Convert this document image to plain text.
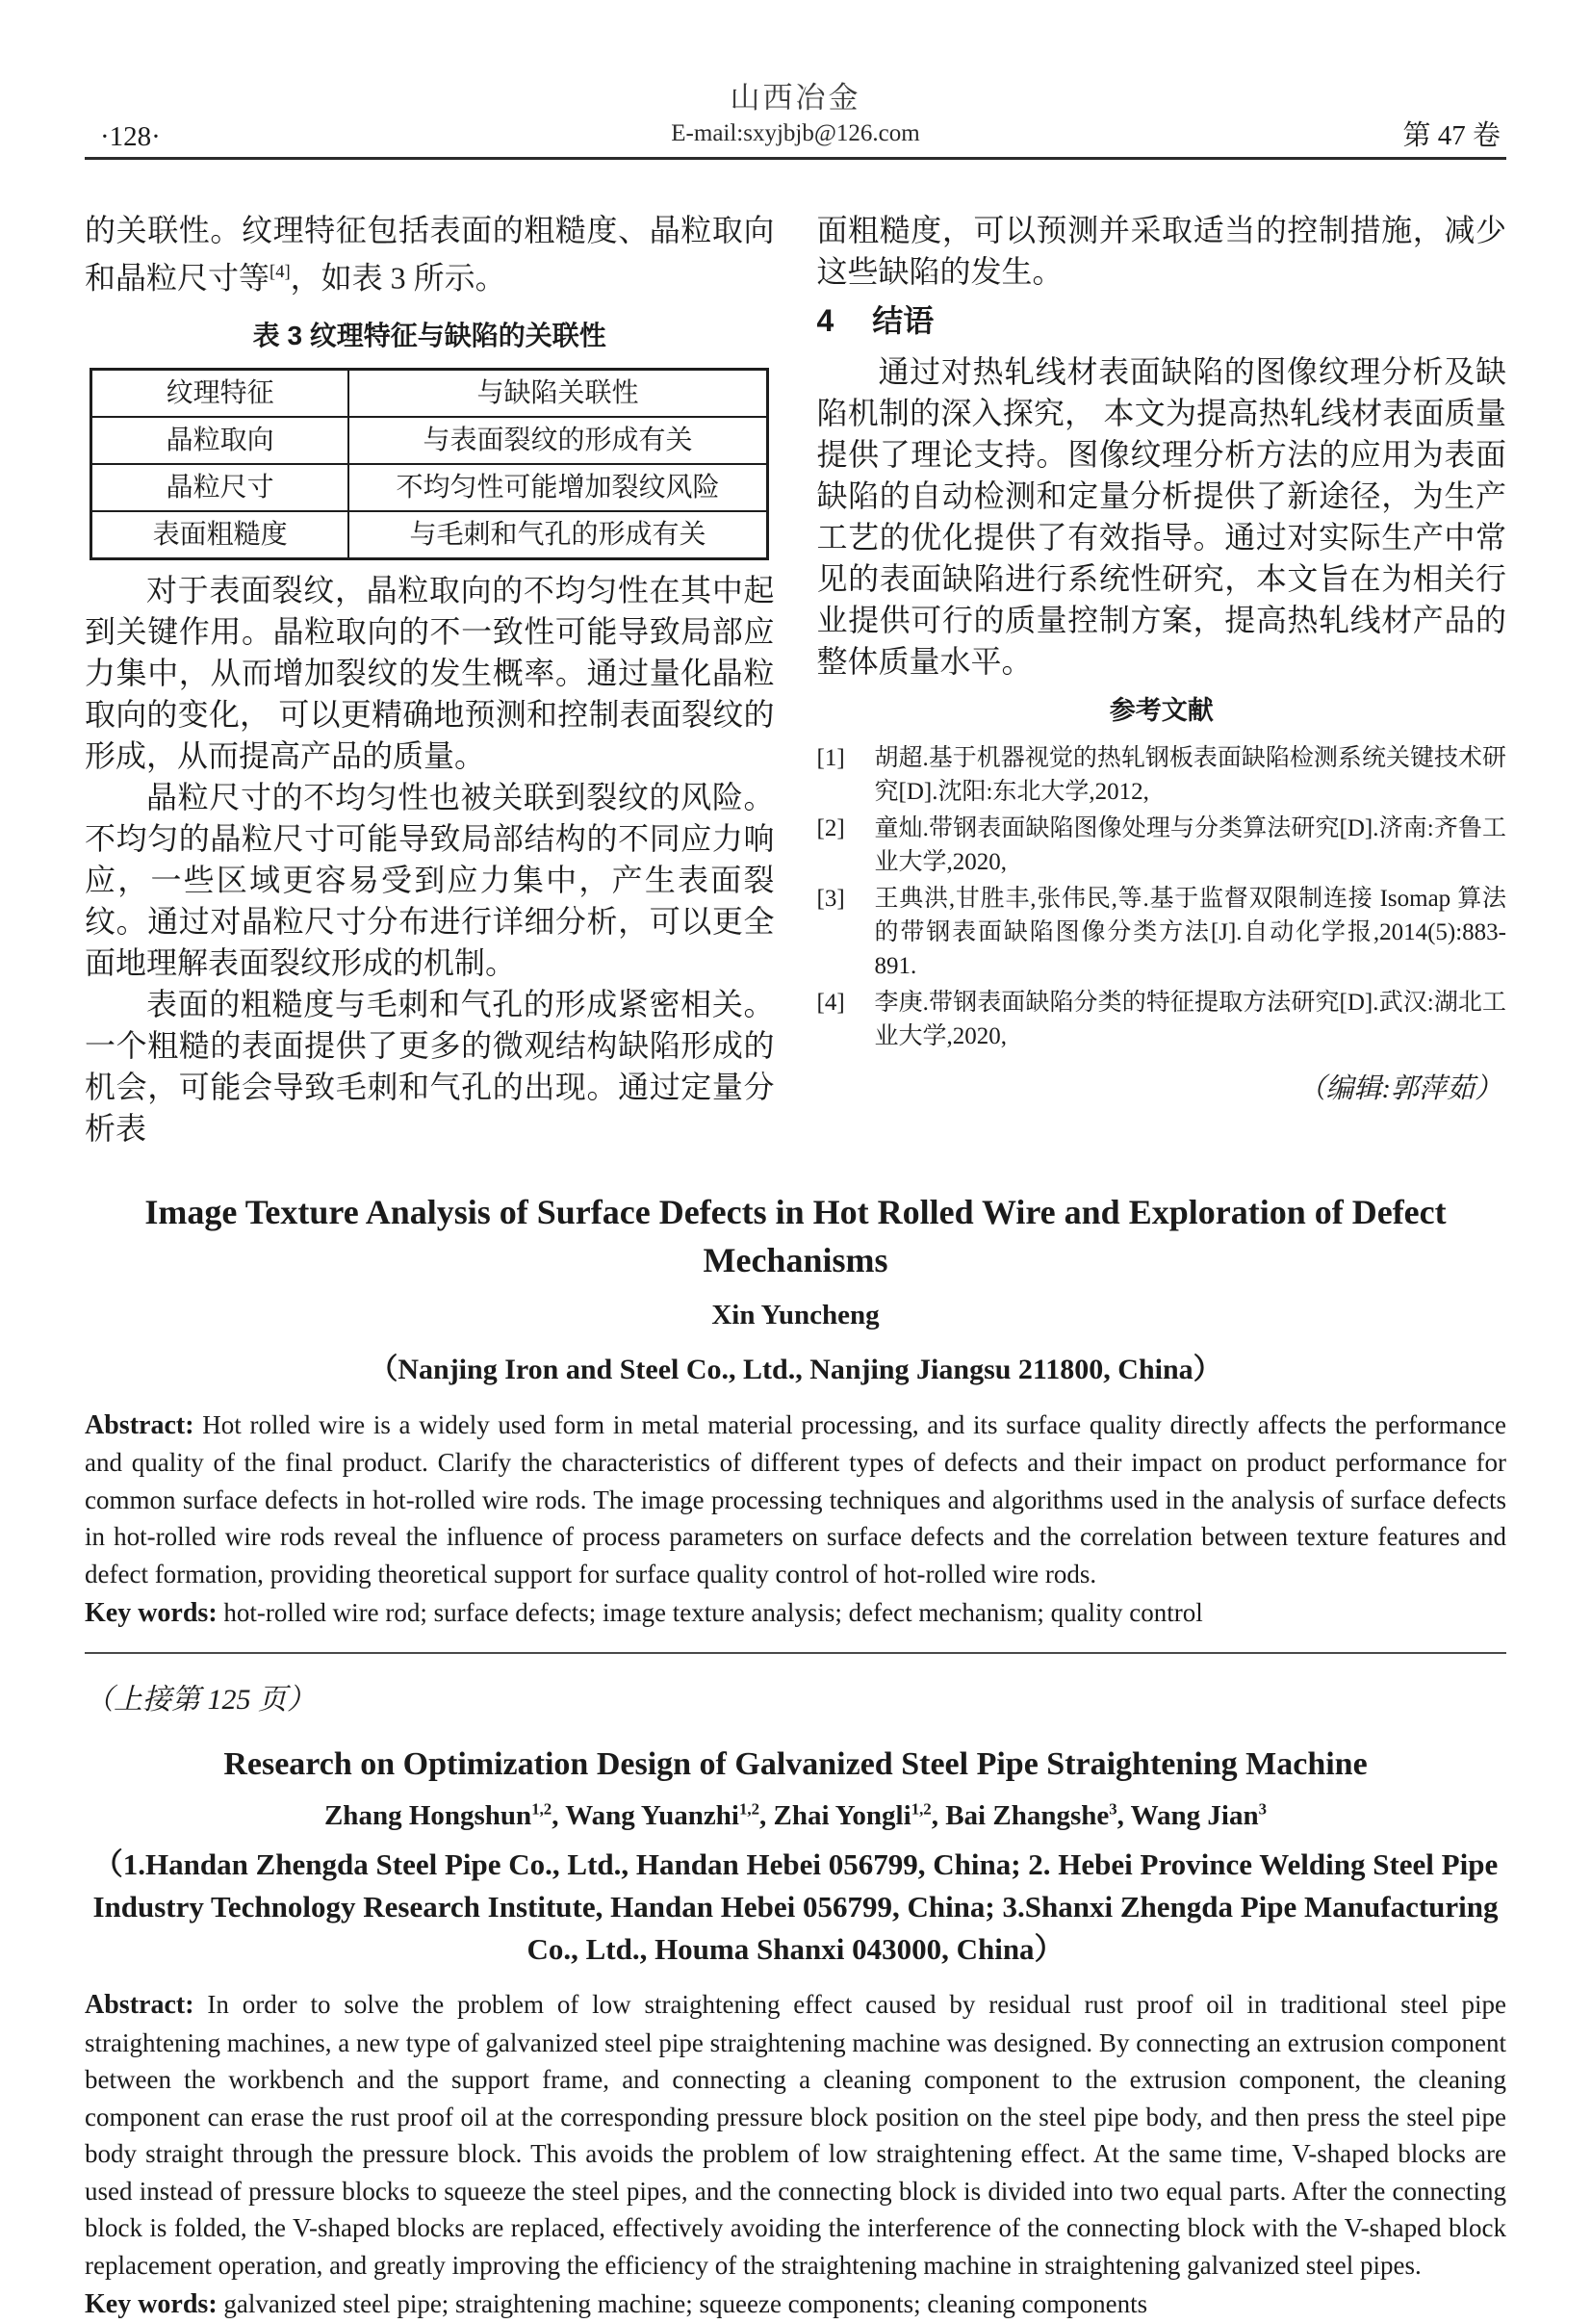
山西冶金
E-mail:sxyjbjb@126.com
·128·	第 47 卷

的关联性。纹理特征包括表面的粗糙度、晶粒取向和晶粒尺寸等[4]，如表 3 所示。

表 3 纹理特征与缺陷的关联性
纹理特征	与缺陷关联性
晶粒取向	与表面裂纹的形成有关
晶粒尺寸	不均匀性可能增加裂纹风险
表面粗糙度	与毛刺和气孔的形成有关

对于表面裂纹，晶粒取向的不均匀性在其中起到关键作用。晶粒取向的不一致性可能导致局部应力集中，从而增加裂纹的发生概率。通过量化晶粒取向的变化， 可以更精确地预测和控制表面裂纹的形成，从而提高产品的质量。

晶粒尺寸的不均匀性也被关联到裂纹的风险。不均匀的晶粒尺寸可能导致局部结构的不同应力响应，一些区域更容易受到应力集中，产生表面裂纹。通过对晶粒尺寸分布进行详细分析，可以更全面地理解表面裂纹形成的机制。

表面的粗糙度与毛刺和气孔的形成紧密相关。一个粗糙的表面提供了更多的微观结构缺陷形成的机会，可能会导致毛刺和气孔的出现。通过定量分析表

面粗糙度，可以预测并采取适当的控制措施，减少这些缺陷的发生。

4 结语

通过对热轧线材表面缺陷的图像纹理分析及缺陷机制的深入探究， 本文为提高热轧线材表面质量提供了理论支持。图像纹理分析方法的应用为表面缺陷的自动检测和定量分析提供了新途径，为生产工艺的优化提供了有效指导。通过对实际生产中常见的表面缺陷进行系统性研究，本文旨在为相关行业提供可行的质量控制方案，提高热轧线材产品的整体质量水平。

参考文献
[1]	胡超.基于机器视觉的热轧钢板表面缺陷检测系统关键技术研究[D].沈阳:东北大学,2012,
[2]	童灿.带钢表面缺陷图像处理与分类算法研究[D].济南:齐鲁工业大学,2020,
[3]	王典洪,甘胜丰,张伟民,等.基于监督双限制连接 Isomap 算法的带钢表面缺陷图像分类方法[J].自动化学报,2014(5):883-891.
[4]	李庚.带钢表面缺陷分类的特征提取方法研究[D].武汉:湖北工业大学,2020,
（编辑:郭萍茹）
Image Texture Analysis of Surface Defects in Hot Rolled Wire and Exploration of Defect Mechanisms
Xin Yuncheng
（Nanjing Iron and Steel Co., Ltd., Nanjing Jiangsu 211800, China）
Abstract: Hot rolled wire is a widely used form in metal material processing, and its surface quality directly affects the performance and quality of the final product. Clarify the characteristics of different types of defects and their impact on product performance for common surface defects in hot-rolled wire rods. The image processing techniques and algorithms used in the analysis of surface defects in hot-rolled wire rods reveal the influence of process parameters on surface defects and the correlation between texture features and defect formation, providing theoretical support for surface quality control of hot-rolled wire rods.
Key words: hot-rolled wire rod; surface defects; image texture analysis; defect mechanism; quality control
（上接第 125 页）
Research on Optimization Design of Galvanized Steel Pipe Straightening Machine
Zhang Hongshun$^{1,2}$, Wang Yuanzhi$^{1,2}$, Zhai Yongli$^{1,2}$, Bai Zhangshe$^3$, Wang Jian$^3$
（1.Handan Zhengda Steel Pipe Co., Ltd., Handan Hebei 056799, China; 2. Hebei Province Welding Steel Pipe Industry Technology Research Institute, Handan Hebei 056799, China; 3.Shanxi Zhengda Pipe Manufacturing Co., Ltd., Houma Shanxi 043000, China）
Abstract: In order to solve the problem of low straightening effect caused by residual rust proof oil in traditional steel pipe straightening machines, a new type of galvanized steel pipe straightening machine was designed. By connecting an extrusion component between the workbench and the support frame, and connecting a cleaning component to the extrusion component, the cleaning component can erase the rust proof oil at the corresponding pressure block position on the steel pipe body, and then press the steel pipe body straight through the pressure block. This avoids the problem of low straightening effect. At the same time, V-shaped blocks are used instead of pressure blocks to squeeze the steel pipes, and the connecting block is divided into two equal parts. After the connecting block is folded, the V-shaped blocks are replaced, effectively avoiding the interference of the connecting block with the V-shaped block replacement operation, and greatly improving the efficiency of the straightening machine in straightening galvanized steel pipes.
Key words: galvanized steel pipe; straightening machine; squeeze components; cleaning components
